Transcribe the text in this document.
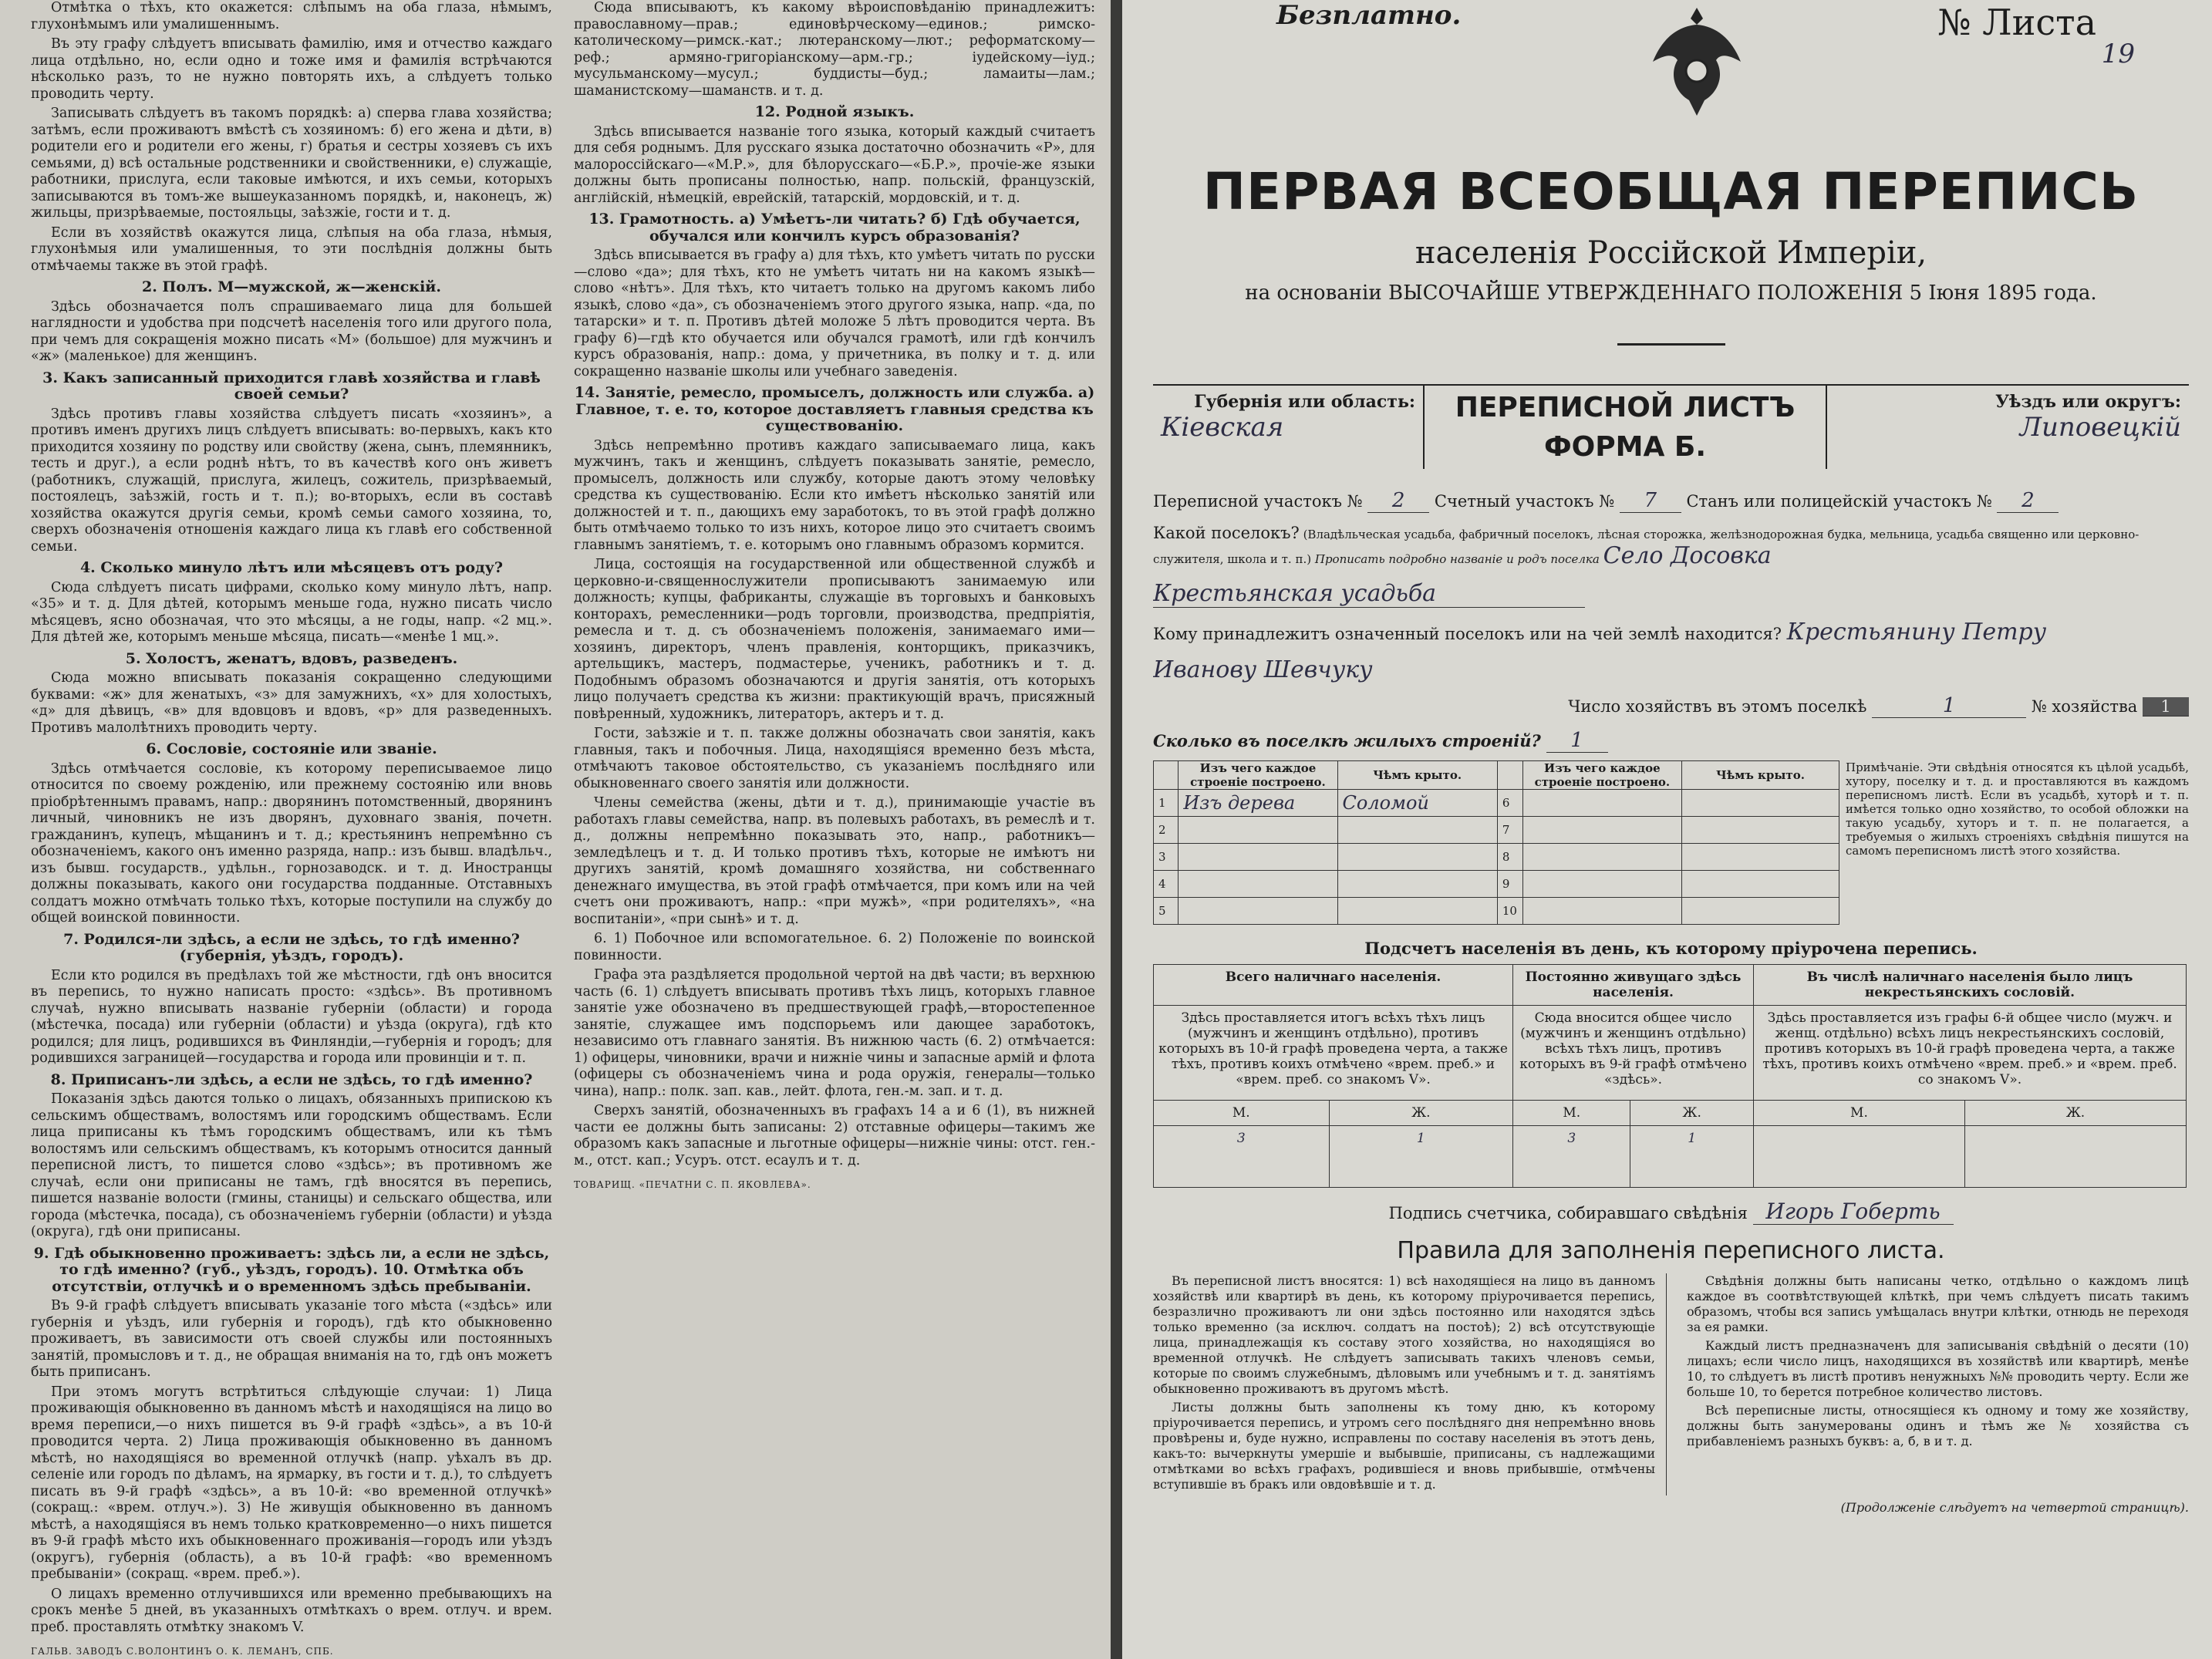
Отмѣтка о тѣхъ, кто окажется: слѣпымъ на оба глаза, нѣмымъ, глухонѣмымъ или умалишеннымъ.

Въ эту графу слѣдуетъ вписывать фамилію, имя и отчество каждаго лица отдѣльно, но, если одно и тоже имя и фамилія встрѣчаются нѣсколько разъ, то не нужно повторять ихъ, а слѣдуетъ только проводить черту.

Записывать слѣдуетъ въ такомъ порядкѣ: а) сперва глава хозяйства; затѣмъ, если проживаютъ вмѣстѣ съ хозяиномъ: б) его жена и дѣти, в) родители его и родители его жены, г) братья и сестры хозяевъ съ ихъ семьями, д) всѣ остальные родственники и свойственники, е) служащіе, работники, прислуга, если таковые имѣются, и ихъ семьи, которыхъ записываются въ томъ-же вышеуказанномъ порядкѣ, и, наконецъ, ж) жильцы, призрѣваемые, постояльцы, заѣзжіе, гости и т. д.

Если въ хозяйствѣ окажутся лица, слѣпыя на оба глаза, нѣмыя, глухонѣмыя или умалишенныя, то эти послѣднія должны быть отмѣчаемы также въ этой графѣ.

2. Полъ. М—мужской, ж—женскій.

Здѣсь обозначается полъ спрашиваемаго лица для большей наглядности и удобства при подсчетѣ населенія того или другого пола, при чемъ для сокращенія можно писать «М» (большое) для мужчинъ и «ж» (маленькое) для женщинъ.

3. Какъ записанный приходится главѣ хозяйства и главѣ своей семьи?

Здѣсь противъ главы хозяйства слѣдуетъ писать «хозяинъ», а противъ именъ другихъ лицъ слѣдуетъ вписывать: во-первыхъ, какъ кто приходится хозяину по родству или свойству (жена, сынъ, племянникъ, тесть и друг.), а если роднѣ нѣтъ, то въ качествѣ кого онъ живетъ (работникъ, служащій, прислуга, жилецъ, сожитель, призрѣваемый, постоялецъ, заѣзжій, гость и т. п.); во-вторыхъ, если въ составѣ хозяйства окажутся другія семьи, кромѣ семьи самого хозяина, то, сверхъ обозначенія отношенія каждаго лица къ главѣ его собственной семьи.

4. Сколько минуло лѣтъ или мѣсяцевъ отъ роду?

Сюда слѣдуетъ писать цифрами, сколько кому минуло лѣтъ, напр. «35» и т. д. Для дѣтей, которымъ меньше года, нужно писать число мѣсяцевъ, ясно обозначая, что это мѣсяцы, а не годы, напр. «2 мц.». Для дѣтей же, которымъ меньше мѣсяца, писать—«менѣе 1 мц.».

5. Холостъ, женатъ, вдовъ, разведенъ.

Сюда можно вписывать показанія сокращенно следующими буквами: «ж» для женатыхъ, «з» для замужнихъ, «х» для холостыхъ, «д» для дѣвицъ, «в» для вдовцовъ и вдовъ, «р» для разведенныхъ. Противъ малолѣтнихъ проводить черту.

6. Сословіе, состояніе или званіе.

Здѣсь отмѣчается сословіе, къ которому переписываемое лицо относится по своему рожденію, или прежнему состоянію или вновь пріобрѣтеннымъ правамъ, напр.: дворянинъ потомственный, дворянинъ личный, чиновникъ не изъ дворянъ, духовнаго званія, почетн. гражданинъ, купецъ, мѣщанинъ и т. д.; крестьянинъ непремѣнно съ обозначеніемъ, какого онъ именно разряда, напр.: изъ бывш. владѣльч., изъ бывш. государств., удѣльн., горнозаводск. и т. д. Иностранцы должны показывать, какого они государства подданные. Отставныхъ солдатъ можно отмѣчать только тѣхъ, которые поступили на службу до общей воинской повинности.

7. Родился-ли здѣсь, а если не здѣсь, то гдѣ именно? (губернія, уѣздъ, городъ).

Если кто родился въ предѣлахъ той же мѣстности, гдѣ онъ вносится въ перепись, то нужно написать просто: «здѣсь». Въ противномъ случаѣ, нужно вписывать названіе губерніи (области) и города (мѣстечка, посада) или губерніи (области) и уѣзда (округа), гдѣ кто родился; для лицъ, родившихся въ Финляндіи,—губернія и городъ; для родившихся заграницей—государства и города или провинціи и т. п.

8. Приписанъ-ли здѣсь, а если не здѣсь, то гдѣ именно?

Показанія здѣсь даются только о лицахъ, обязанныхъ припискою къ сельскимъ обществамъ, волостямъ или городскимъ обществамъ. Если лица приписаны къ тѣмъ городскимъ обществамъ, или къ тѣмъ волостямъ или сельскимъ обществамъ, къ которымъ относится данный переписной листъ, то пишется слово «здѣсь»; въ противномъ же случаѣ, если они приписаны не тамъ, гдѣ вносятся въ перепись, пишется названіе волости (гмины, станицы) и сельскаго общества, или города (мѣстечка, посада), съ обозначеніемъ губерніи (области) и уѣзда (округа), гдѣ они приписаны.

9. Гдѣ обыкновенно проживаетъ: здѣсь ли, а если не здѣсь, то гдѣ именно? (губ., уѣздъ, городъ). 10. Отмѣтка объ отсутствіи, отлучкѣ и о временномъ здѣсь пребываніи.

Въ 9-й графѣ слѣдуетъ вписывать указаніе того мѣста («здѣсь» или губернія и уѣздъ, или губернія и городъ), гдѣ кто обыкновенно проживаетъ, въ зависимости отъ своей службы или постоянныхъ занятій, промысловъ и т. д., не обращая вниманія на то, гдѣ онъ можетъ быть приписанъ.

При этомъ могутъ встрѣтиться слѣдующіе случаи: 1) Лица проживающія обыкновенно въ данномъ мѣстѣ и находящіяся на лицо во время переписи,—о нихъ пишется въ 9-й графѣ «здѣсь», а въ 10-й проводится черта. 2) Лица проживающія обыкновенно въ данномъ мѣстѣ, но находящіяся во временной отлучкѣ (напр. уѣхалъ въ др. селеніе или городъ по дѣламъ, на ярмарку, въ гости и т. д.), то слѣдуетъ писать въ 9-й графѣ «здѣсь», а въ 10-й: «во временной отлучкѣ» (сокращ.: «врем. отлуч.»). 3) Не живущія обыкновенно въ данномъ мѣстѣ, а находящіяся въ немъ только кратковременно—о нихъ пишется въ 9-й графѣ мѣсто ихъ обыкновеннаго проживанія—городъ или уѣздъ (округъ), губернія (область), а въ 10-й графѣ: «во временномъ пребываніи» (сокращ. «врем. преб.»).

О лицахъ временно отлучившихся или временно пребывающихъ на срокъ менѣе 5 дней, въ указанныхъ отмѣткахъ о врем. отлуч. и врем. преб. проставлять отмѣтку знакомъ V.

ГАЛЬВ. ЗАВОДЪ С.ВОЛОНТИНЪ О. К. ЛЕМАНЪ, СПБ.

Сюда вписываютъ, къ какому вѣроисповѣданію принадлежитъ: православному—прав.; единовѣрческому—единов.; римско-католическому—римск.-кат.; лютеранскому—лют.; реформатскому—реф.; армяно-григоріанскому—арм.-гр.; іудейскому—іуд.; мусульманскому—мусул.; буддисты—буд.; ламаиты—лам.; шаманистскому—шаманств. и т. д.

12. Родной языкъ.

Здѣсь вписывается названіе того языка, который каждый считаетъ для себя роднымъ. Для русскаго языка достаточно обозначить «Р», для малороссійскаго—«М.Р.», для бѣлорусскаго—«Б.Р.», прочіе-же языки должны быть прописаны полностью, напр. польскій, французскій, англійскій, нѣмецкій, еврейскій, татарскій, мордовскій, и т. д.

13. Грамотность. а) Умѣетъ-ли читать? б) Гдѣ обучается, обучался или кончилъ курсъ образованія?

Здѣсь вписывается въ графу а) для тѣхъ, кто умѣетъ читать по русски—слово «да»; для тѣхъ, кто не умѣетъ читать ни на какомъ языкѣ—слово «нѣтъ». Для тѣхъ, кто читаетъ только на другомъ какомъ либо языкѣ, слово «да», съ обозначеніемъ этого другого языка, напр. «да, по татарски» и т. п. Противъ дѣтей моложе 5 лѣтъ проводится черта. Въ графу 6)—гдѣ кто обучается или обучался грамотѣ, или гдѣ кончилъ курсъ образованія, напр.: дома, у причетника, въ полку и т. д. или сокращенно названіе школы или учебнаго заведенія.

14. Занятіе, ремесло, промыселъ, должность или служба. а) Главное, т. е. то, которое доставляетъ главныя средства къ существованію.

Здѣсь непремѣнно противъ каждаго записываемаго лица, какъ мужчинъ, такъ и женщинъ, слѣдуетъ показывать занятіе, ремесло, промыселъ, должность или службу, которые даютъ этому человѣку средства къ существованію. Если кто имѣетъ нѣсколько занятій или должностей и т. п., дающихъ ему заработокъ, то въ этой графѣ должно быть отмѣчаемо только то изъ нихъ, которое лицо это считаетъ своимъ главнымъ занятіемъ, т. е. которымъ оно главнымъ образомъ кормится.

Лица, состоящія на государственной или общественной службѣ и церковно-и-священнослужители прописываютъ занимаемую или должность; купцы, фабриканты, служащіе въ торговыхъ и банковыхъ конторахъ, ремесленники—родъ торговли, производства, предпріятія, ремесла и т. д. съ обозначеніемъ положенія, занимаемаго ими—хозяинъ, директоръ, членъ правленія, конторщикъ, приказчикъ, артельщикъ, мастеръ, подмастерье, ученикъ, работникъ и т. д. Подобнымъ образомъ обозначаются и другія занятія, отъ которыхъ лицо получаетъ средства къ жизни: практикующій врачъ, присяжный повѣренный, художникъ, литераторъ, актеръ и т. д.

Гости, заѣзжіе и т. п. также должны обозначать свои занятія, какъ главныя, такъ и побочныя. Лица, находящіяся временно безъ мѣста, отмѣчаютъ таковое обстоятельство, съ указаніемъ послѣдняго или обыкновеннаго своего занятія или должности.

Члены семейства (жены, дѣти и т. д.), принимающіе участіе въ работахъ главы семейства, напр. въ полевыхъ работахъ, въ ремеслѣ и т. д., должны непремѣнно показывать это, напр., работникъ—земледѣлецъ и т. д. И только противъ тѣхъ, которые не имѣютъ ни другихъ занятій, кромѣ домашняго хозяйства, ни собственнаго денежнаго имущества, въ этой графѣ отмѣчается, при комъ или на чей счетъ они проживаютъ, напр.: «при мужѣ», «при родителяхъ», «на воспитаніи», «при сынѣ» и т. д.

6. 1) Побочное или вспомогательное. 6. 2) Положеніе по воинской повинности.

Графа эта раздѣляется продольной чертой на двѣ части; въ верхнюю часть (6. 1) слѣдуетъ вписывать противъ тѣхъ лицъ, которыхъ главное занятіе уже обозначено въ предшествующей графѣ,—второстепенное занятіе, служащее имъ подспорьемъ или дающее заработокъ, независимо отъ главнаго занятія. Въ нижнюю часть (6. 2) отмѣчается: 1) офицеры, чиновники, врачи и нижніе чины и запасные армій и флота (офицеры съ обозначеніемъ чина и рода оружія, генералы—только чина), напр.: полк. зап. кав., лейт. флота, ген.-м. зап. и т. д.

Сверхъ занятій, обозначенныхъ въ графахъ 14 а и 6 (1), въ нижней части ее должны быть записаны: 2) отставные офицеры—такимъ же образомъ какъ запасные и льготные офицеры—нижніе чины: отст. ген.-м., отст. кап.; Усуръ. отст. есаулъ и т. д.

ТОВАРИЩ. «ПЕЧАТНИ С. П. ЯКОВЛЕВА».
Безплатно.	№ Листа
19
ПЕРВАЯ ВСЕОБЩАЯ ПЕРЕПИСЬ
населенія Россійской Имперіи,
на основаніи ВЫСОЧАЙШЕ УТВЕРЖДЕННАГО ПОЛОЖЕНІЯ 5 Іюня 1895 года.
Губернія или область:
Кіевская
ПЕРЕПИСНОЙ ЛИСТЪ
ФОРМА Б.
Уѣздъ или округъ:
Липовецкій
Переписной участокъ № 2 Счетный участокъ № 7 Станъ или полицейскій участокъ № 2
Какой поселокъ? (Владѣльческая усадьба, фабричный поселокъ, лѣсная сторожка, желѣзнодорожная будка, мельница, усадьба священно или церковно-служителя, школа и т. п.) Прописать подробно названіе и родъ поселка Село Досовка
Крестьянская усадьба
Кому принадлежитъ означенный поселокъ или на чей землѣ находится? Крестьянину Петру
Иванову Шевчуку
Число хозяйствъ въ этомъ поселкѣ	1	№ хозяйства 1
Сколько въ поселкѣ жилыхъ строеній? 1
	Изъ чего каждое строеніе построено.	Чѣмъ крыто.		Изъ чего каждое строеніе построено.	Чѣмъ крыто.
1	Изъ дерева	Соломой	6		
2			7		
3			8		
4			9		
5			10		
Примѣчаніе. Эти свѣдѣнія относятся къ цѣлой усадьбѣ, хутору, поселку и т. д. и проставляются въ каждомъ переписномъ листѣ. Если въ усадьбѣ, хуторѣ и т. п. имѣется только одно хозяйство, то особой обложки на такую усадьбу, хуторъ и т. п. не полагается, а требуемыя о жилыхъ строеніяхъ свѣдѣнія пишутся на самомъ переписномъ листѣ этого хозяйства.
Подсчетъ населенія въ день, къ которому пріурочена перепись.
Всего наличнаго населенія.		Постоянно живущаго здѣсь населенія.		Въ числѣ наличнаго населенія было лицъ некрестьянскихъ сословій.	
Здѣсь проставляется итогъ всѣхъ тѣхъ лицъ (мужчинъ и женщинъ отдѣльно), противъ которыхъ въ 10-й графѣ проведена черта, а также тѣхъ, противъ коихъ отмѣчено «врем. преб.» и «врем. преб. со знакомъ V».		Сюда вносится общее число (мужчинъ и женщинъ отдѣльно) всѣхъ тѣхъ лицъ, противъ которыхъ въ 9-й графѣ отмѣчено «здѣсь».		Здѣсь проставляется изъ графы 6-й общее число (мужч. и женщ. отдѣльно) всѣхъ лицъ некрестьянскихъ сословій, противъ которыхъ въ 10-й графѣ проведена черта, а также тѣхъ, противъ коихъ отмѣчено «врем. преб.» и «врем. преб. со знакомъ V».	
М.	Ж.	М.	Ж.	М.	Ж.
3	1	3	1		
Подпись счетчика, собиравшаго свѣдѣнія Игорь Гоберть
Правила для заполненія переписного листа.

Въ переписной листъ вносятся: 1) всѣ находящіеся на лицо въ данномъ хозяйствѣ или квартирѣ въ день, къ которому пріурочивается перепись, безразлично проживаютъ ли они здѣсь постоянно или находятся здѣсь только временно (за исключ. солдатъ на постоѣ); 2) всѣ отсутствующіе лица, принадлежащія къ составу этого хозяйства, но находящіяся во временной отлучкѣ. Не слѣдуетъ записывать такихъ членовъ семьи, которые по своимъ служебнымъ, дѣловымъ или учебнымъ и т. д. занятіямъ обыкновенно проживаютъ въ другомъ мѣстѣ.

Листы должны быть заполнены къ тому дню, къ которому пріурочивается перепись, и утромъ сего послѣдняго дня непремѣнно вновь провѣрены и, буде нужно, исправлены по составу населенія въ этотъ день, какъ-то: вычеркнуты умершіе и выбывшіе, приписаны, съ надлежащими отмѣтками во всѣхъ графахъ, родившіеся и вновь прибывшіе, отмѣчены вступившіе въ бракъ или овдовѣвшіе и т. д.

Свѣдѣнія должны быть написаны четко, отдѣльно о каждомъ лицѣ каждое въ соотвѣтствующей клѣткѣ, при чемъ слѣдуетъ писать такимъ образомъ, чтобы вся запись умѣщалась внутри клѣтки, отнюдь не переходя за ея рамки.

Каждый листъ предназначенъ для записыванія свѣдѣній о десяти (10) лицахъ; если число лицъ, находящихся въ хозяйствѣ или квартирѣ, менѣе 10, то слѣдуетъ въ листѣ противъ ненужныхъ №№ проводить черту. Если же больше 10, то берется потребное количество листовъ.

Всѣ переписные листы, относящіеся къ одному и тому же хозяйству, должны быть занумерованы одинъ и тѣмъ же № хозяйства съ прибавленіемъ разныхъ буквъ: а, б, в и т. д.

(Продолженіе слѣдуетъ на четвертой страницѣ).
